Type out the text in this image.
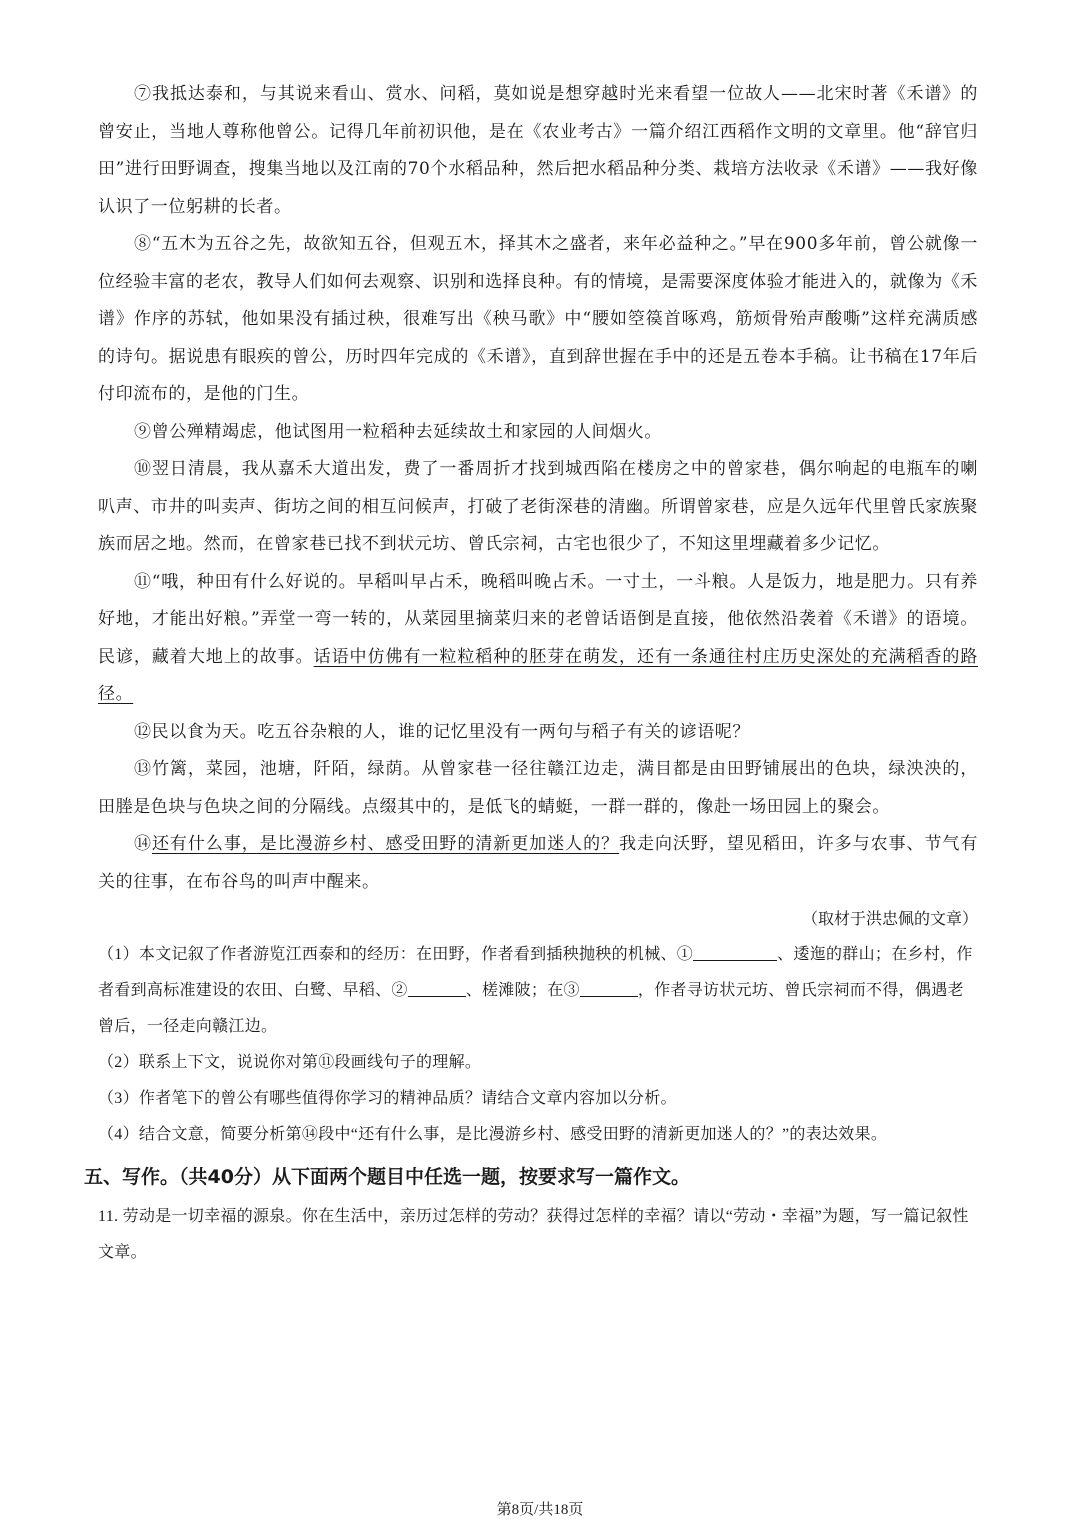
⑦我抵达泰和，与其说来看山、赏水、问稻，莫如说是想穿越时光来看望一位故人——北宋时著《禾谱》的曾安止，当地人尊称他曾公。记得几年前初识他，是在《农业考古》一篇介绍江西稻作文明的文章里。他“辞官归田”进行田野调查，搜集当地以及江南的70个水稻品种，然后把水稻品种分类、栽培方法收录《禾谱》——我好像认识了一位躬耕的长者。

⑧“五木为五谷之先，故欲知五谷，但观五木，择其木之盛者，来年必益种之。”早在900多年前，曾公就像一位经验丰富的老农，教导人们如何去观察、识别和选择良种。有的情境，是需要深度体验才能进入的，就像为《禾谱》作序的苏轼，他如果没有插过秧，很难写出《秧马歌》中“腰如箜篌首啄鸡，筋烦骨殆声酸嘶”这样充满质感的诗句。据说患有眼疾的曾公，历时四年完成的《禾谱》，直到辞世握在手中的还是五卷本手稿。让书稿在17年后付印流布的，是他的门生。

⑨曾公殚精竭虑，他试图用一粒稻种去延续故土和家园的人间烟火。

⑩翌日清晨，我从嘉禾大道出发，费了一番周折才找到城西陷在楼房之中的曾家巷，偶尔响起的电瓶车的喇叭声、市井的叫卖声、街坊之间的相互问候声，打破了老街深巷的清幽。所谓曾家巷，应是久远年代里曾氏家族聚族而居之地。然而，在曾家巷已找不到状元坊、曾氏宗祠，古宅也很少了，不知这里埋藏着多少记忆。

⑪“哦，种田有什么好说的。早稻叫早占禾，晚稻叫晚占禾。一寸土，一斗粮。人是饭力，地是肥力。只有养好地，才能出好粮。”弄堂一弯一转的，从菜园里摘菜归来的老曾话语倒是直接，他依然沿袭着《禾谱》的语境。民谚，藏着大地上的故事。话语中仿佛有一粒粒稻种的胚芽在萌发，还有一条通往村庄历史深处的充满稻香的路径。

⑫民以食为天。吃五谷杂粮的人，谁的记忆里没有一两句与稻子有关的谚语呢？

⑬竹篱，菜园，池塘，阡陌，绿荫。从曾家巷一径往赣江边走，满目都是由田野铺展出的色块，绿泱泱的，田塍是色块与色块之间的分隔线。点缀其中的，是低飞的蜻蜓，一群一群的，像赴一场田园上的聚会。

⑭还有什么事，是比漫游乡村、感受田野的清新更加迷人的？我走向沃野，望见稻田，许多与农事、节气有关的往事，在布谷鸟的叫声中醒来。

（取材于洪忠佩的文章）

（1）本文记叙了作者游览江西泰和的经历：在田野，作者看到插秧抛秧的机械、①	、逶迤的群山；在乡村，作者看到高标准建设的农田、白鹭、早稻、②	、槎滩陂；在③	，作者寻访状元坊、曾氏宗祠而不得，偶遇老曾后，一径走向赣江边。

（2）联系上下文，说说你对第⑪段画线句子的理解。

（3）作者笔下的曾公有哪些值得你学习的精神品质？请结合文章内容加以分析。

（4）结合文意，简要分析第⑭段中“还有什么事，是比漫游乡村、感受田野的清新更加迷人的？”的表达效果。

五、写作。（共40分）从下面两个题目中任选一题，按要求写一篇作文。

11. 劳动是一切幸福的源泉。你在生活中，亲历过怎样的劳动？获得过怎样的幸福？请以“劳动・幸福”为题，写一篇记叙性文章。

第8页/共18页
